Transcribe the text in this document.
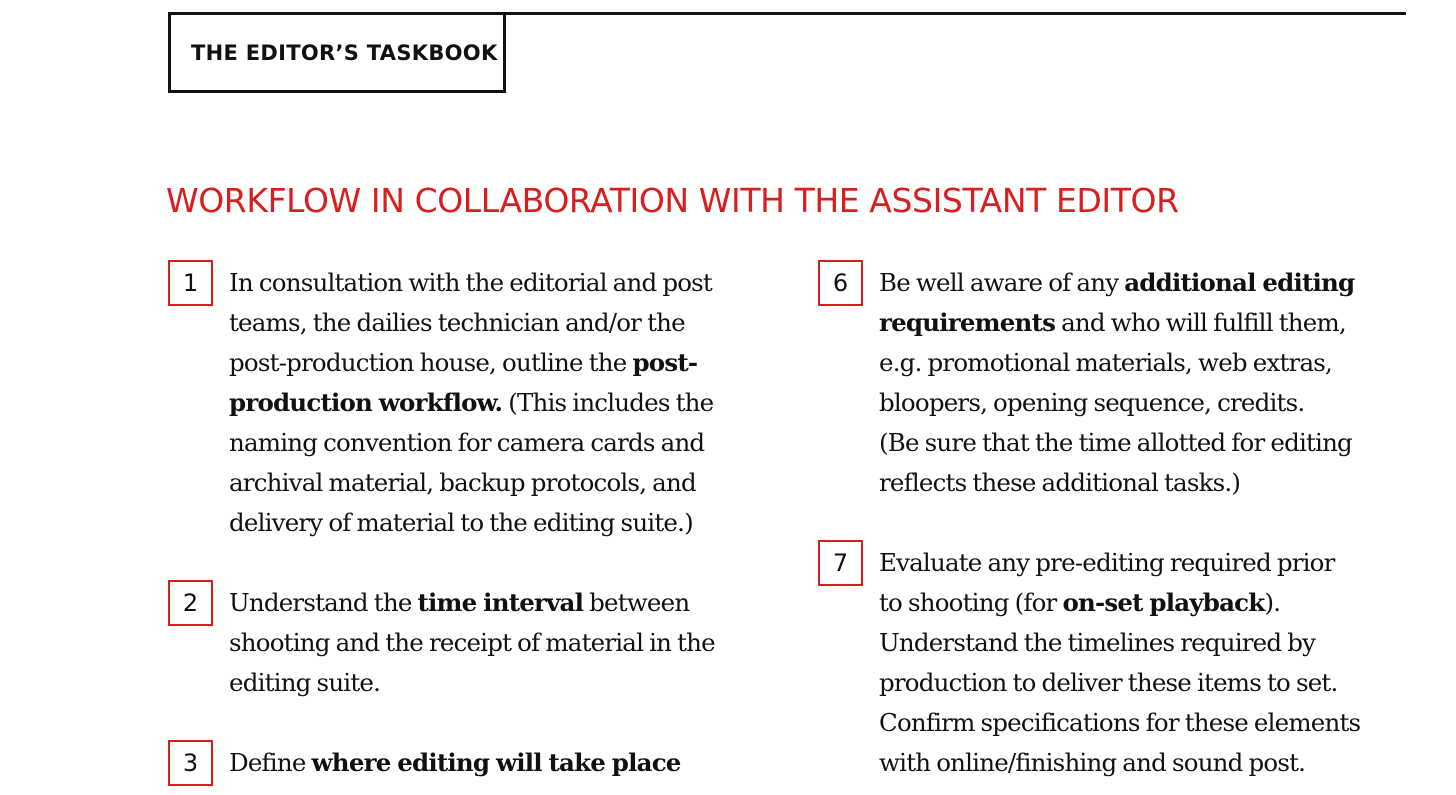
THE EDITOR’S TASKBOOK
WORKFLOW IN COLLABORATION WITH THE ASSISTANT EDITOR
1	In consultation with the editorial and post
teams, the dailies technician and/or the
post-production house, outline the post-
production workflow. (This includes the
naming convention for camera cards and
archival material, backup protocols, and
delivery of material to the editing suite.)

2	Understand the time interval between
shooting and the receipt of material in the
editing suite.

3	Define where editing will take place

6	Be well aware of any additional editing
requirements and who will fulfill them,
e.g. promotional materials, web extras,
bloopers, opening sequence, credits.
(Be sure that the time allotted for editing
reflects these additional tasks.)

7	Evaluate any pre-editing required prior
to shooting (for on-set playback).
Understand the timelines required by
production to deliver these items to set.
Confirm specifications for these elements
with online/finishing and sound post.
